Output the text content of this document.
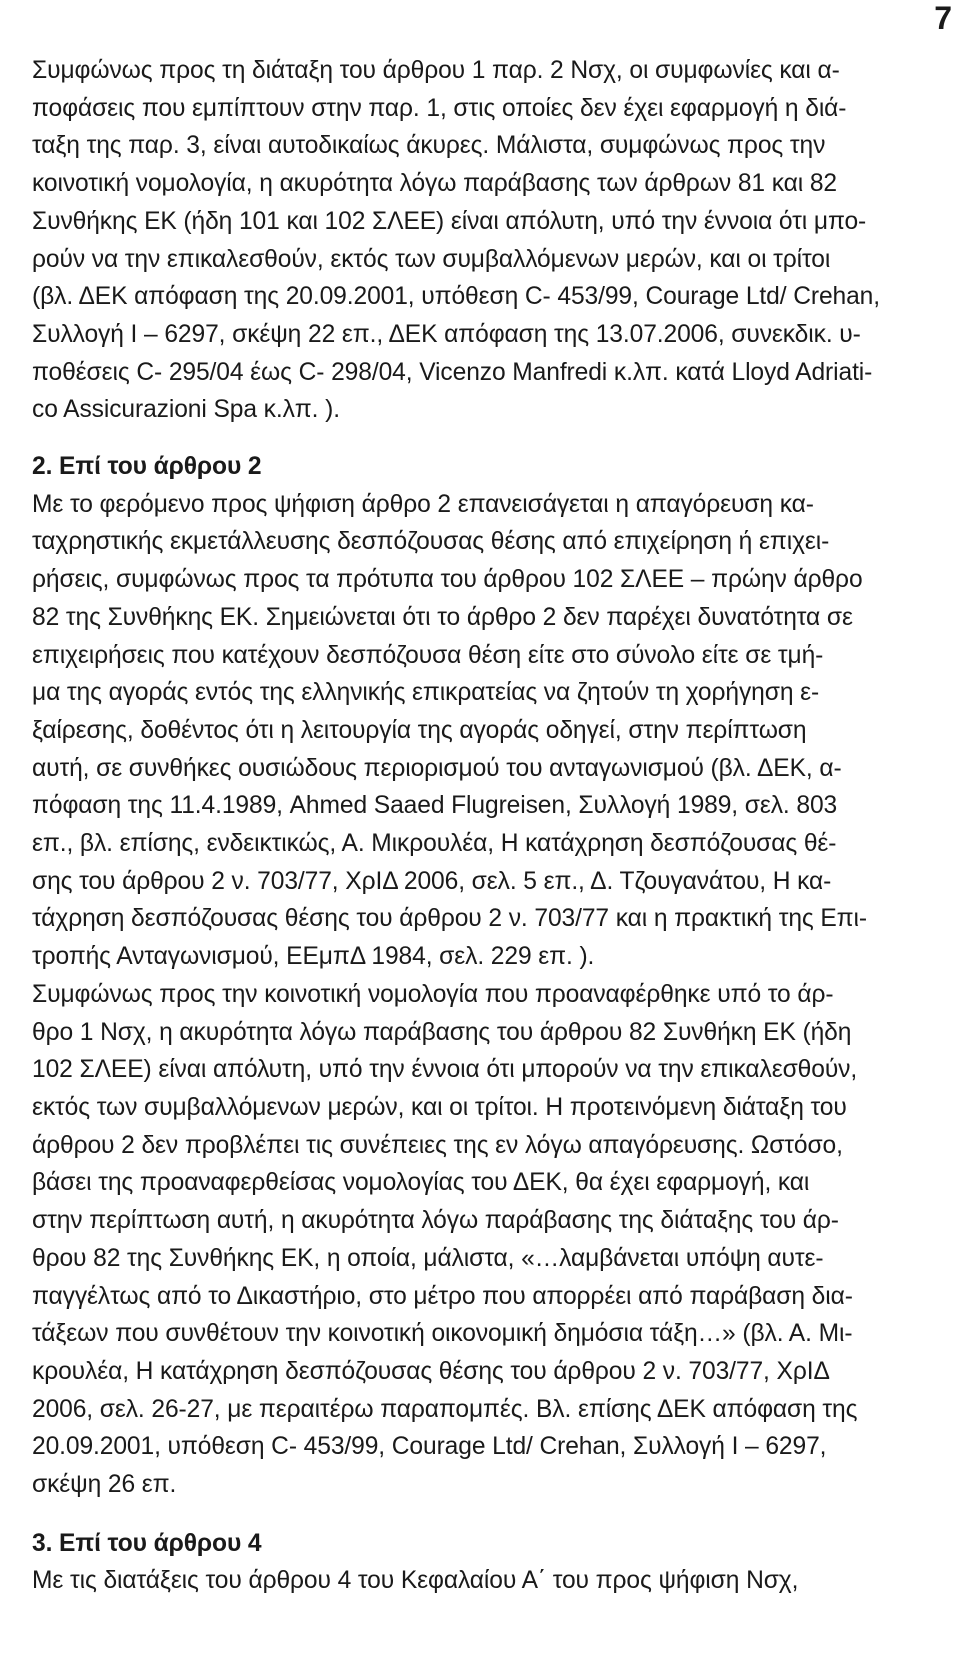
7
Συμφώνως προς τη διάταξη του άρθρου 1 παρ. 2 Νσχ, οι συμφωνίες και α-
ποφάσεις που εμπίπτουν στην παρ. 1, στις οποίες δεν έχει εφαρμογή η διά-
ταξη της παρ. 3, είναι αυτοδικαίως άκυρες. Μάλιστα, συμφώνως προς την
κοινοτική νομολογία, η ακυρότητα λόγω παράβασης των άρθρων 81 και 82
Συνθήκης ΕΚ (ήδη 101 και 102 ΣΛΕΕ) είναι απόλυτη, υπό την έννοια ότι μπο-
ρούν να την επικαλεσθούν, εκτός των συμβαλλόμενων μερών, και οι τρίτοι
(βλ. ΔΕΚ απόφαση της 20.09.2001, υπόθεση C- 453/99, Courage Ltd/ Crehan,
Συλλογή Ι – 6297, σκέψη 22 επ., ΔΕΚ απόφαση της 13.07.2006, συνεκδικ. υ-
ποθέσεις C- 295/04 έως C- 298/04, Vicenzo Manfredi κ.λπ. κατά Lloyd Adriati-
co Assicurazioni Spa κ.λπ. ).
2. Επί του άρθρου 2
Με το φερόμενο προς ψήφιση άρθρο 2 επανεισάγεται η απαγόρευση κα-
ταχρηστικής εκμετάλλευσης δεσπόζουσας θέσης από επιχείρηση ή επιχει-
ρήσεις, συμφώνως προς τα πρότυπα του άρθρου 102 ΣΛΕΕ – πρώην άρθρο
82 της Συνθήκης ΕΚ. Σημειώνεται ότι το άρθρο 2 δεν παρέχει δυνατότητα σε
επιχειρήσεις που κατέχουν δεσπόζουσα θέση είτε στο σύνολο είτε σε τμή-
μα της αγοράς εντός της ελληνικής επικρατείας να ζητούν τη χορήγηση ε-
ξαίρεσης, δοθέντος ότι η λειτουργία της αγοράς οδηγεί, στην περίπτωση
αυτή, σε συνθήκες ουσιώδους περιορισμού του ανταγωνισμού (βλ. ΔΕΚ, α-
πόφαση της 11.4.1989, Ahmed Saaed Flugreisen, Συλλογή 1989, σελ. 803
επ., βλ. επίσης, ενδεικτικώς, Α. Μικρουλέα, Η κατάχρηση δεσπόζουσας θέ-
σης του άρθρου 2 ν. 703/77, ΧρΙΔ 2006, σελ. 5 επ., Δ. Τζουγανάτου, Η κα-
τάχρηση δεσπόζουσας θέσης του άρθρου 2 ν. 703/77 και η πρακτική της Επι-
τροπής Ανταγωνισμού, ΕΕμπΔ 1984, σελ. 229 επ. ).
Συμφώνως προς την κοινοτική νομολογία που προαναφέρθηκε υπό το άρ-
θρο 1 Νσχ, η ακυρότητα λόγω παράβασης του άρθρου 82 Συνθήκη ΕΚ (ήδη
102 ΣΛΕΕ) είναι απόλυτη, υπό την έννοια ότι μπορούν να την επικαλεσθούν,
εκτός των συμβαλλόμενων μερών, και οι τρίτοι. Η προτεινόμενη διάταξη του
άρθρου 2 δεν προβλέπει τις συνέπειες της εν λόγω απαγόρευσης. Ωστόσο,
βάσει της προαναφερθείσας νομολογίας του ΔΕΚ, θα έχει εφαρμογή, και
στην περίπτωση αυτή, η ακυρότητα λόγω παράβασης της διάταξης του άρ-
θρου 82 της Συνθήκης ΕΚ, η οποία, μάλιστα, «…λαμβάνεται υπόψη αυτε-
παγγέλτως από το Δικαστήριο, στο μέτρο που απορρέει από παράβαση δια-
τάξεων που συνθέτουν την κοινοτική οικονομική δημόσια τάξη…» (βλ. Α. Μι-
κρουλέα, Η κατάχρηση δεσπόζουσας θέσης του άρθρου 2 ν. 703/77, ΧρΙΔ
2006, σελ. 26-27, με περαιτέρω παραπομπές. Βλ. επίσης ΔΕΚ απόφαση της
20.09.2001, υπόθεση C- 453/99, Courage Ltd/ Crehan, Συλλογή Ι – 6297,
σκέψη 26 επ.
3. Επί του άρθρου 4
Με τις διατάξεις του άρθρου 4 του Κεφαλαίου Α΄ του προς ψήφιση Νσχ,
